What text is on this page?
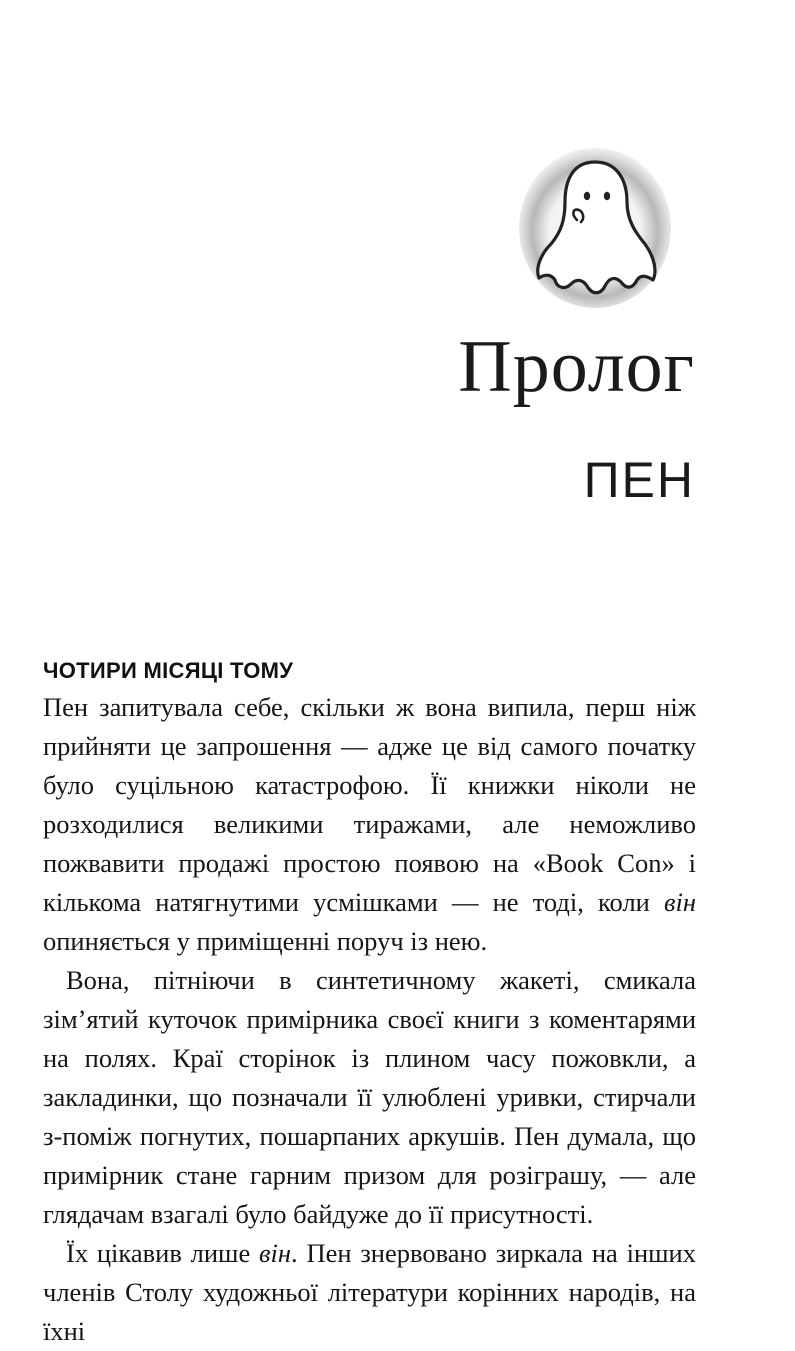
Пролог
ПЕН
ЧОТИРИ МІСЯЦІ ТОМУ

Пен запитувала себе, скільки ж вона випила, перш ніж прийняти це запрошення — адже це від самого початку було суцільною катастрофою. Її книжки ніколи не розходилися великими тиражами, але неможливо пожвавити продажі простою появою на «Book Con» і кількома натягнутими усмішками — не тоді, коли він опиняється у приміщенні поруч із нею.

Вона, пітніючи в синтетичному жакеті, смикала зім’ятий куточок примірника своєї книги з коментарями на полях. Краї сторінок із плином часу пожовкли, а закладинки, що позначали її улюблені уривки, стирчали з-поміж погнутих, пошарпаних аркушів. Пен думала, що примірник стане гарним призом для розіграшу, — але глядачам взагалі було байдуже до її присутності.

Їх цікавив лише він. Пен знервовано зиркала на інших членів Столу художньої літератури корінних народів, на їхні
